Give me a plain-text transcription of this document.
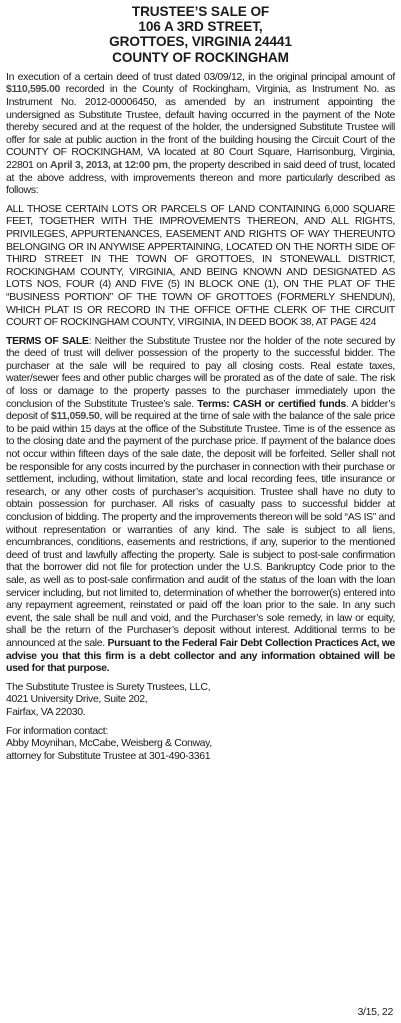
TRUSTEE’S SALE OF
106 A 3RD STREET,
GROTTOES, VIRGINIA 24441
COUNTY OF ROCKINGHAM

In execution of a certain deed of trust dated 03/09/12, in the original principal amount of $110,595.00 recorded in the County of Rockingham, Virginia, as Instrument No. as Instrument No. 2012-00006450, as amended by an instrument appointing the undersigned as Substitute Trustee, default having occurred in the payment of the Note thereby secured and at the request of the holder, the undersigned Substitute Trustee will offer for sale at public auction in the front of the building housing the Circuit Court of the COUNTY OF ROCKINGHAM, VA located at 80 Court Square, Harrisonburg, Virginia, 22801 on April 3, 2013, at 12:00 pm, the property described in said deed of trust, located at the above address, with improvements thereon and more particularly described as follows:

ALL THOSE CERTAIN LOTS OR PARCELS OF LAND CONTAINING 6,000 SQUARE FEET, TOGETHER WITH THE IMPROVEMENTS THEREON, AND ALL RIGHTS, PRIVILEGES, APPURTENANCES, EASEMENT AND RIGHTS OF WAY THEREUNTO BELONGING OR IN ANYWISE APPERTAINING, LOCATED ON THE NORTH SIDE OF THIRD STREET IN THE TOWN OF GROTTOES, IN STONEWALL DISTRICT, ROCKINGHAM COUNTY, VIRGINIA, AND BEING KNOWN AND DESIGNATED AS LOTS NOS, FOUR (4) AND FIVE (5) IN BLOCK ONE (1), ON THE PLAT OF THE “BUSINESS PORTION” OF THE TOWN OF GROTTOES (FORMERLY SHENDUN), WHICH PLAT IS OR RECORD IN THE OFFICE OFTHE CLERK OF THE CIRCUIT COURT OF ROCKINGHAM COUNTY, VIRGINIA, IN DEED BOOK 38, AT PAGE 424

TERMS OF SALE: Neither the Substitute Trustee nor the holder of the note secured by the deed of trust will deliver possession of the property to the successful bidder. The purchaser at the sale will be required to pay all closing costs. Real estate taxes, water/sewer fees and other public charges will be prorated as of the date of sale. The risk of loss or damage to the property passes to the purchaser immediately upon the conclusion of the Substitute Trustee’s sale. Terms: CASH or certified funds. A bidder’s deposit of $11,059.50, will be required at the time of sale with the balance of the sale price to be paid within 15 days at the office of the Substitute Trustee. Time is of the essence as to the closing date and the payment of the purchase price. If payment of the balance does not occur within fifteen days of the sale date, the deposit will be forfeited. Seller shall not be responsible for any costs incurred by the purchaser in connection with their purchase or settlement, including, without limitation, state and local recording fees, title insurance or research, or any other costs of purchaser’s acquisition. Trustee shall have no duty to obtain possession for purchaser. All risks of casualty pass to successful bidder at conclusion of bidding. The property and the improvements thereon will be sold “AS IS” and without representation or warranties of any kind. The sale is subject to all liens, encumbrances, conditions, easements and restrictions, if any, superior to the mentioned deed of trust and lawfully affecting the property. Sale is subject to post-sale confirmation that the borrower did not file for protection under the U.S. Bankruptcy Code prior to the sale, as well as to post-sale confirmation and audit of the status of the loan with the loan servicer including, but not limited to, determination of whether the borrower(s) entered into any repayment agreement, reinstated or paid off the loan prior to the sale. In any such event, the sale shall be null and void, and the Purchaser’s sole remedy, in law or equity, shall be the return of the Purchaser’s deposit without interest. Additional terms to be announced at the sale. Pursuant to the Federal Fair Debt Collection Practices Act, we advise you that this firm is a debt collector and any information obtained will be used for that purpose.

The Substitute Trustee is Surety Trustees, LLC,
4021 University Drive, Suite 202,
Fairfax, VA 22030.
For information contact:
Abby Moynihan, McCabe, Weisberg & Conway,
attorney for Substitute Trustee at 301-490-3361
3/15, 22
